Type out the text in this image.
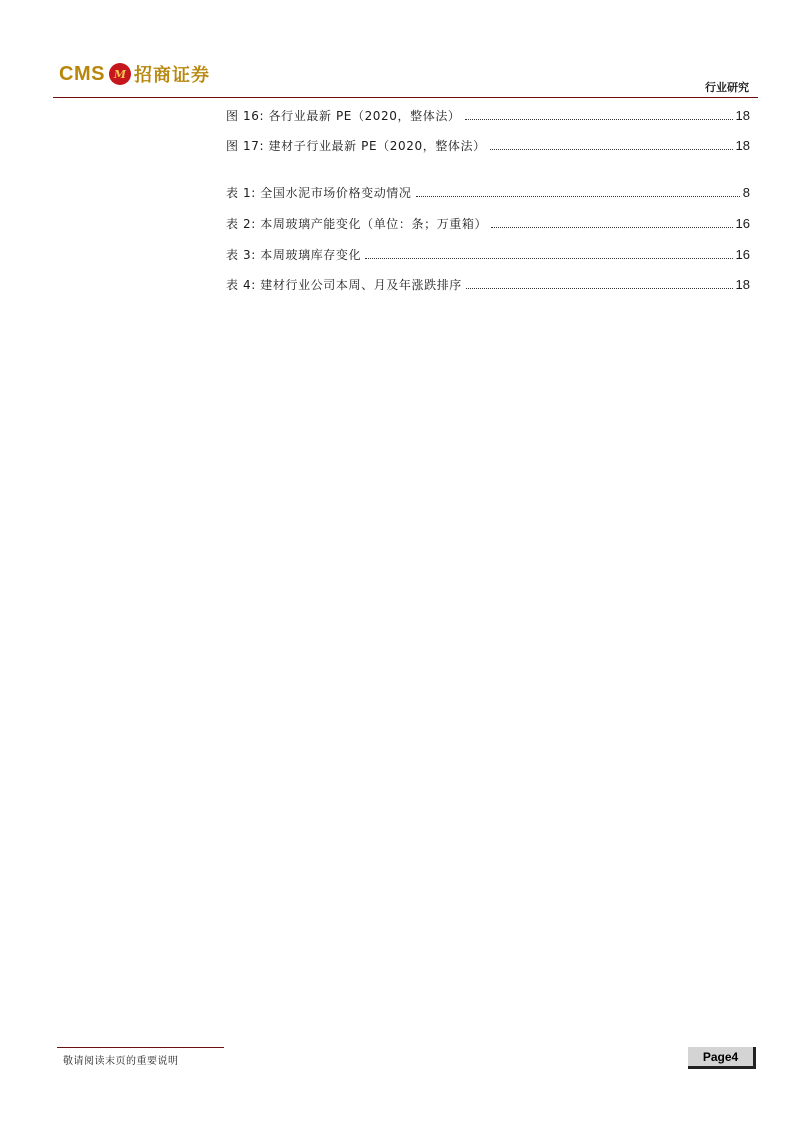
CMS M 招商证券
行业研究
图 16: 各行业最新 PE（2020，整体法）	18
图 17: 建材子行业最新 PE（2020，整体法）	18
表 1: 全国水泥市场价格变动情况	8
表 2: 本周玻璃产能变化（单位：条；万重箱）	16
表 3: 本周玻璃库存变化	16
表 4: 建材行业公司本周、月及年涨跌排序	18
敬请阅读末页的重要说明	Page4
